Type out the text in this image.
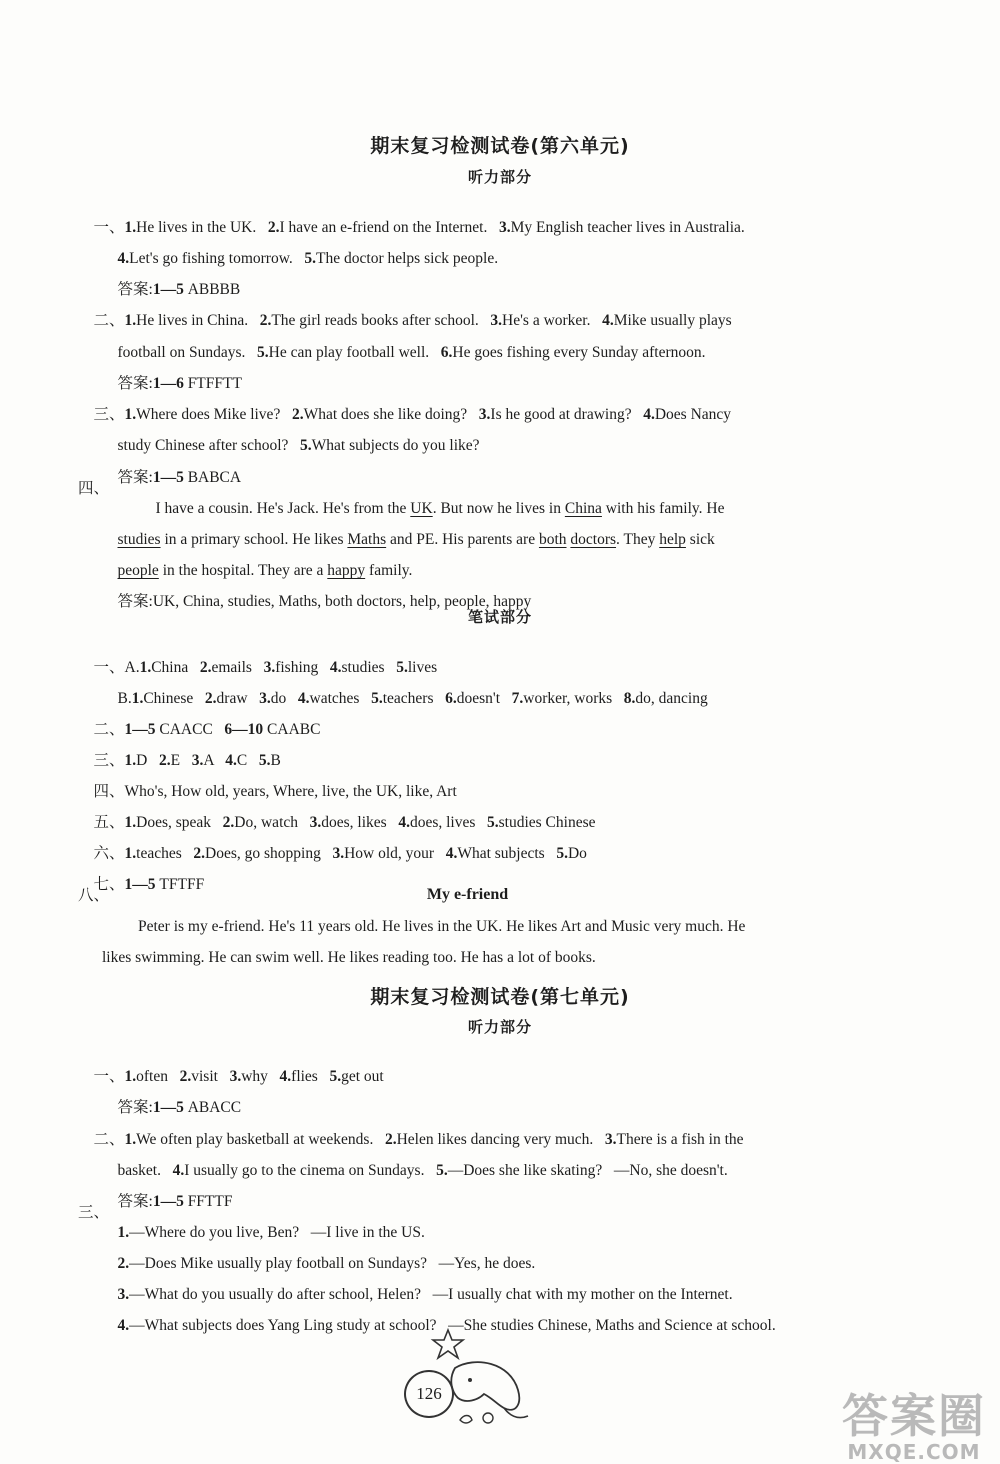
期末复习检测试卷(第六单元)
听力部分

一、1.He lives in the UK. 2.I have an e-friend on the Internet. 3.My English teacher lives in Australia.

4.Let's go fishing tomorrow. 5.The doctor helps sick people.

答案:1—5 ABBBB

二、1.He lives in China. 2.The girl reads books after school. 3.He's a worker. 4.Mike usually plays

football on Sundays. 5.He can play football well. 6.He goes fishing every Sunday afternoon.

答案:1—6 FTFFTT

三、1.Where does Mike live? 2.What does she like doing? 3.Is he good at drawing? 4.Does Nancy

study Chinese after school? 5.What subjects do you like?

答案:1—5 BABCA

四、

I have a cousin. He's Jack. He's from the UK. But now he lives in China with his family. He

studies in a primary school. He likes Maths and PE. His parents are both doctors. They help sick

people in the hospital. They are a happy family.

答案:UK, China, studies, Maths, both doctors, help, people, happy

笔试部分

一、A.1.China 2.emails 3.fishing 4.studies 5.lives

B.1.Chinese 2.draw 3.do 4.watches 5.teachers 6.doesn't 7.worker, works 8.do, dancing

二、1—5 CAACC 6—10 CAABC

三、1.D 2.E 3.A 4.C 5.B

四、Who's, How old, years, Where, live, the UK, like, Art

五、1.Does, speak 2.Do, watch 3.does, likes 4.does, lives 5.studies Chinese

六、1.teaches 2.Does, go shopping 3.How old, your 4.What subjects 5.Do

七、1—5 TFTFF

八、	My e-friend
Peter is my e-friend. He's 11 years old. He lives in the UK. He likes Art and Music very much. He
likes swimming. He can swim well. He likes reading too. He has a lot of books.
期末复习检测试卷(第七单元)
听力部分

一、1.often 2.visit 3.why 4.flies 5.get out

答案:1—5 ABACC

二、1.We often play basketball at weekends. 2.Helen likes dancing very much. 3.There is a fish in the

basket. 4.I usually go to the cinema on Sundays. 5.—Does she like skating? —No, she doesn't.

答案:1—5 FFTTF

三、

1.—Where do you live, Ben? —I live in the US.

2.—Does Mike usually play football on Sundays? —Yes, he does.

3.—What do you usually do after school, Helen? —I usually chat with my mother on the Internet.

4.—What subjects does Yang Ling study at school? —She studies Chinese, Maths and Science at school.

126	答案圈
MXQE.COM
